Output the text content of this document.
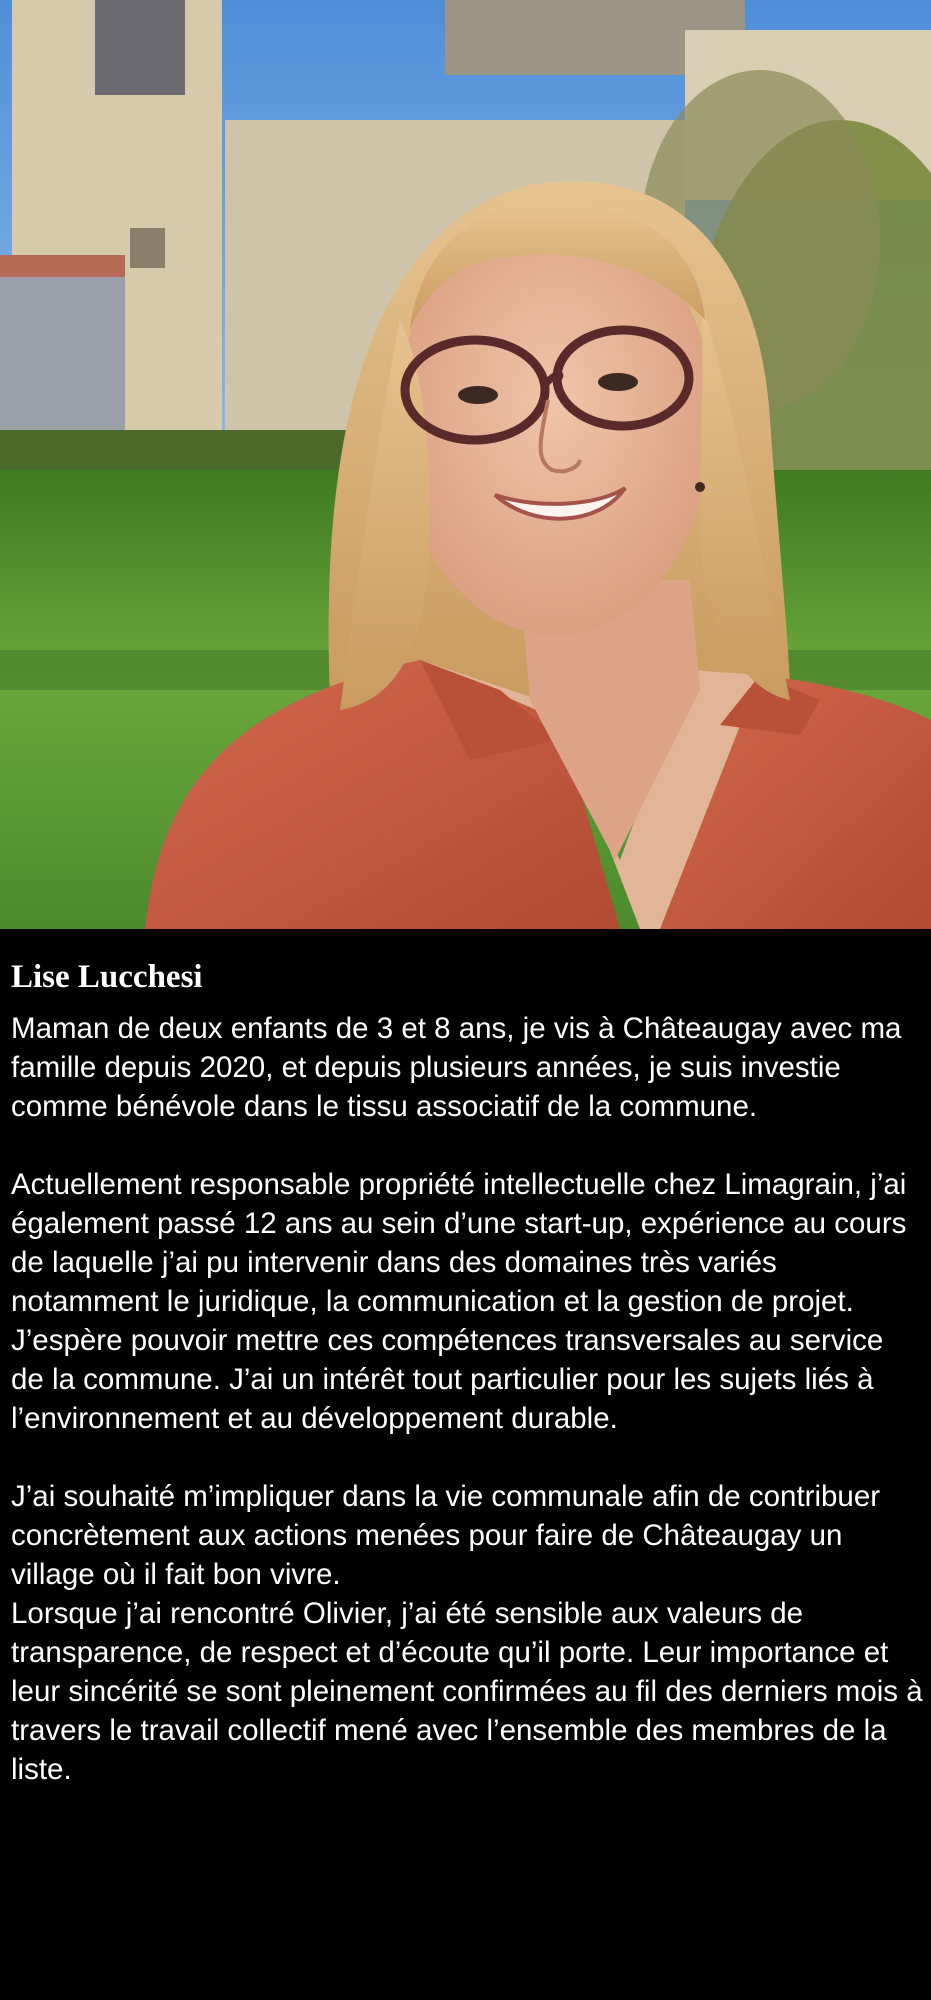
Lise Lucchesi

Maman de deux enfants de 3 et 8 ans, je vis à Châteaugay avec ma famille depuis 2020, et depuis plusieurs années, je suis investie comme bénévole dans le tissu associatif de la commune.

Actuellement responsable propriété intellectuelle chez Limagrain, j’ai également passé 12 ans au sein d’une start-up, expérience au cours de laquelle j’ai pu intervenir dans des domaines très variés notamment le juridique, la communication et la gestion de projet. J’espère pouvoir mettre ces compétences transversales au service de la commune. J’ai un intérêt tout particulier pour les sujets liés à l’environnement et au développement durable.

J’ai souhaité m’impliquer dans la vie communale afin de contribuer concrètement aux actions menées pour faire de Châteaugay un village où il fait bon vivre.

Lorsque j’ai rencontré Olivier, j’ai été sensible aux valeurs de transparence, de respect et d’écoute qu’il porte. Leur importance et leur sincérité se sont pleinement confirmées au fil des derniers mois à travers le travail collectif mené avec l’ensemble des membres de la liste.
